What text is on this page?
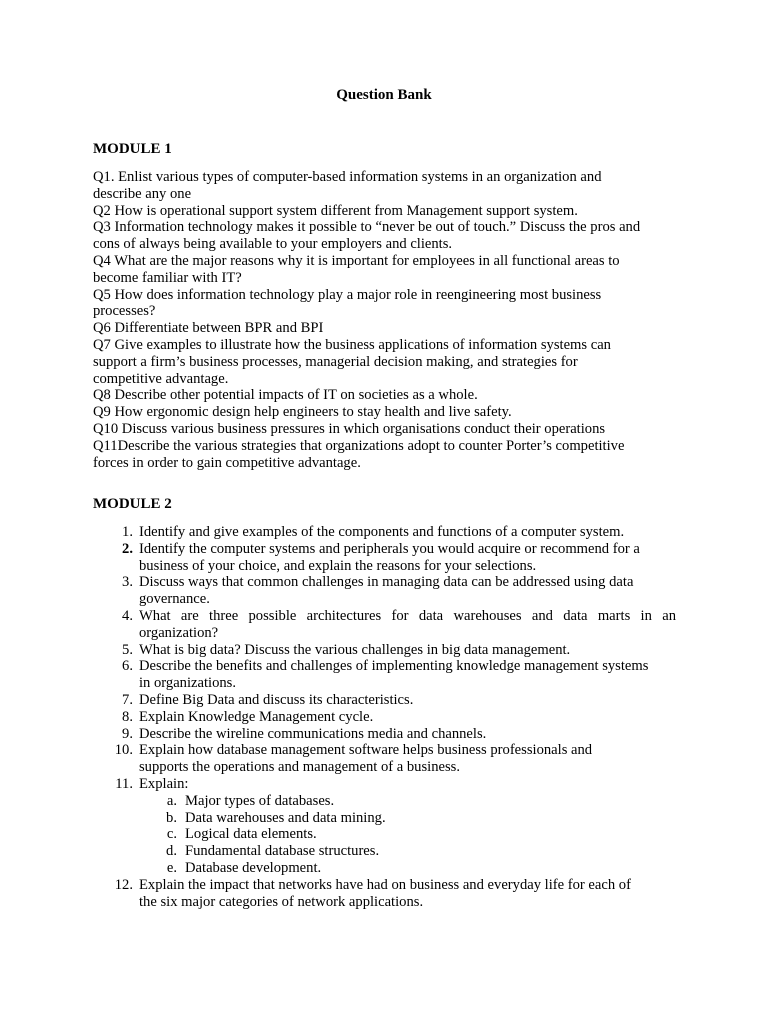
Question Bank
MODULE 1
Q1. Enlist various types of computer-based information systems in an organization and
describe any one
Q2 How is operational support system different from Management support system.
Q3 Information technology makes it possible to “never be out of touch.” Discuss the pros and
cons of always being available to your employers and clients.
Q4 What are the major reasons why it is important for employees in all functional areas to
become familiar with IT?
Q5 How does information technology play a major role in reengineering most business
processes?
Q6 Differentiate between BPR and BPI
Q7 Give examples to illustrate how the business applications of information systems can
support a firm’s business processes, managerial decision making, and strategies for
competitive advantage.
Q8 Describe other potential impacts of IT on societies as a whole.
Q9 How ergonomic design help engineers to stay health and live safety.
Q10 Discuss various business pressures in which organisations conduct their operations
Q11Describe the various strategies that organizations adopt to counter Porter’s competitive
forces in order to gain competitive advantage.
MODULE 2
1. Identify and give examples of the components and functions of a computer system.
2. Identify the computer systems and peripherals you would acquire or recommend for a
business of your choice, and explain the reasons for your selections.
3. Discuss ways that common challenges in managing data can be addressed using data
governance.
4. What are three possible architectures for data warehouses and data marts in an
organization?
5. What is big data? Discuss the various challenges in big data management.
6. Describe the benefits and challenges of implementing knowledge management systems
in organizations.
7. Define Big Data and discuss its characteristics.
8. Explain Knowledge Management cycle.
9. Describe the wireline communications media and channels.
10. Explain how database management software helps business professionals and
supports the operations and management of a business.
11. Explain:
a. Major types of databases.
b. Data warehouses and data mining.
c. Logical data elements.
d. Fundamental database structures.
e. Database development.
12. Explain the impact that networks have had on business and everyday life for each of
the six major categories of network applications.
